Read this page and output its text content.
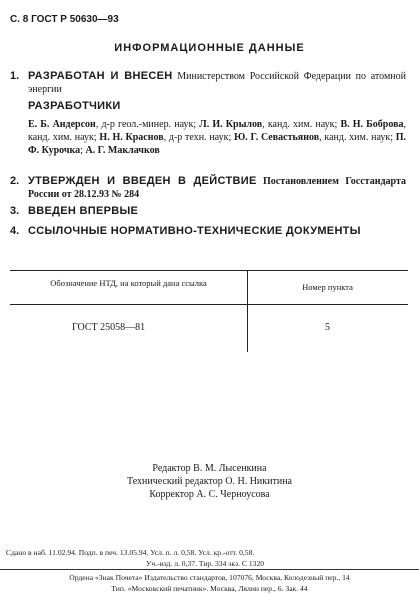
С. 8 ГОСТ Р 50630—93
ИНФОРМАЦИОННЫЕ ДАННЫЕ
1. РАЗРАБОТАН И ВНЕСЕН Министерством Российской Федерации по атомной энергии
РАЗРАБОТЧИКИ
Е. Б. Андерсон, д-р геол.-минер. наук; Л. И. Крылов, канд. хим. наук; В. Н. Боброва, канд. хим. наук; Н. Н. Краснов, д-р техн. наук; Ю. Г. Севастьянов, канд. хим. наук; П. Ф. Курочка; А. Г. Маклачков
2. УТВЕРЖДЕН И ВВЕДЕН В ДЕЙСТВИЕ Постановлением Госстандарта России от 28.12.93 № 284
3. ВВЕДЕН ВПЕРВЫЕ
4. ССЫЛОЧНЫЕ НОРМАТИВНО-ТЕХНИЧЕСКИЕ ДОКУМЕНТЫ
Обозначение НТД, на который дана ссылка	Номер пункта
ГОСТ 25058—81	5
Редактор В. М. Лысенкина
Технический редактор О. Н. Никитина
Корректор А. С. Черноусова
Сдано в наб. 11.02.94. Подп. в печ. 13.05.94. Усл. п. л. 0,58. Усл. кр.-отт. 0,58.
Уч.-изд. л. 0,37. Тир. 334 экз. С 1320
Ордена «Знак Почета» Издательство стандартов, 107076, Москва, Колодезный пер., 14
Тип. «Московский печатник». Москва, Лялин пер., 6. Зак. 44
